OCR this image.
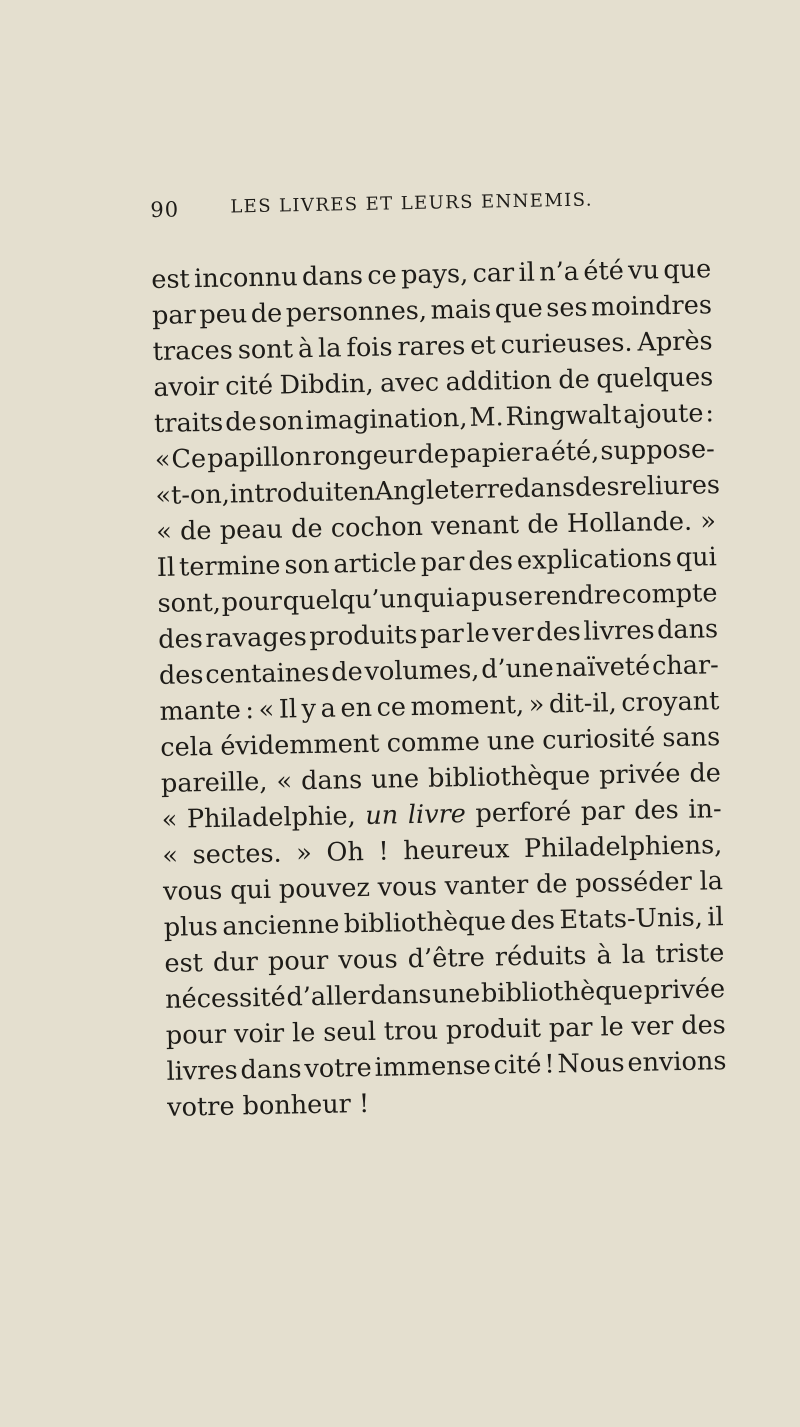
90	LES LIVRES ET LEURS ENNEMIS.
est inconnu dans ce pays, car il n’a été vu que
par peu de personnes, mais que ses moindres
traces sont à la fois rares et curieuses. Après
avoir cité Dibdin, avec addition de quelques
traits de son imagination, M. Ringwalt ajoute :
« Ce papillon rongeur de papier a été, suppose-
« t-on, introduit en Angleterre dans des reliures
« de peau de cochon venant de Hollande. »
Il termine son article par des explications qui
sont, pour quelqu’un qui a pu se rendre compte
des ravages produits par le ver des livres dans
des centaines de volumes, d’une naïveté char-
mante : « Il y a en ce moment, » dit-il, croyant
cela évidemment comme une curiosité sans
pareille, « dans une bibliothèque privée de
« Philadelphie, un livre perforé par des in-
« sectes. » Oh ! heureux Philadelphiens,
vous qui pouvez vous vanter de posséder la
plus ancienne bibliothèque des Etats-Unis, il
est dur pour vous d’être réduits à la triste
nécessité d’aller dans une bibliothèque privée
pour voir le seul trou produit par le ver des
livres dans votre immense cité ! Nous envions
votre bonheur !
